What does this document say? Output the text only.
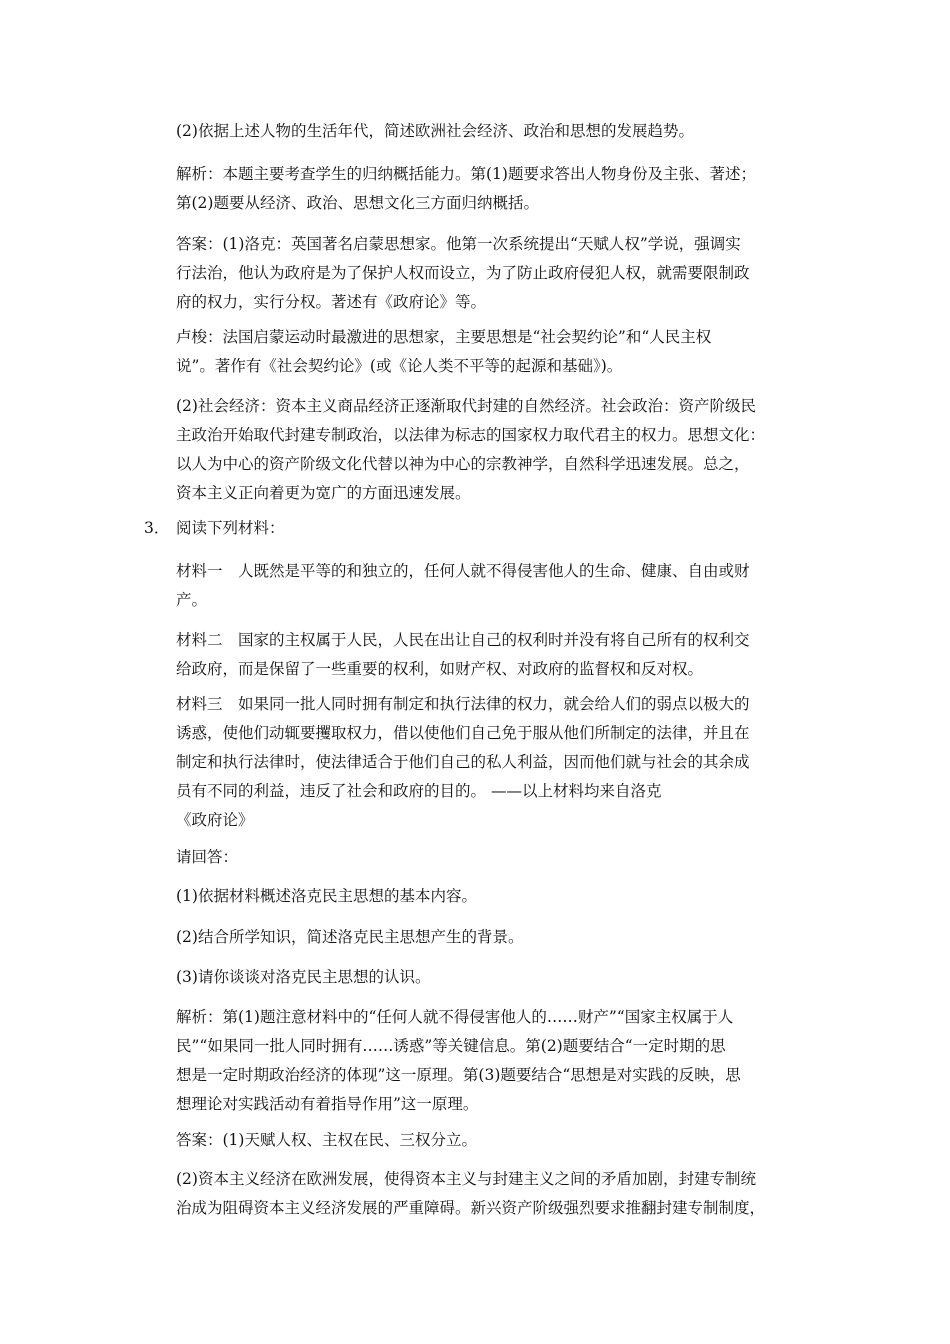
(2)依据上述人物的生活年代，简述欧洲社会经济、政治和思想的发展趋势。

解析：本题主要考查学生的归纳概括能力。第(1)题要求答出人物身份及主张、著述；
第(2)题要从经济、政治、思想文化三方面归纳概括。

答案：(1)洛克：英国著名启蒙思想家。他第一次系统提出“天赋人权”学说，强调实
行法治，他认为政府是为了保护人权而设立，为了防止政府侵犯人权，就需要限制政
府的权力，实行分权。著述有《政府论》等。

卢梭：法国启蒙运动时最激进的思想家，主要思想是“社会契约论”和“人民主权
说”。著作有《社会契约论》(或《论人类不平等的起源和基础》)。

(2)社会经济：资本主义商品经济正逐渐取代封建的自然经济。社会政治：资产阶级民
主政治开始取代封建专制政治，以法律为标志的国家权力取代君主的权力。思想文化：
以人为中心的资产阶级文化代替以神为中心的宗教神学，自然科学迅速发展。总之，
资本主义正向着更为宽广的方面迅速发展。

3． 阅读下列材料：

材料一　人既然是平等的和独立的，任何人就不得侵害他人的生命、健康、自由或财
产。

材料二　国家的主权属于人民，人民在出让自己的权利时并没有将自己所有的权利交
给政府，而是保留了一些重要的权利，如财产权、对政府的监督权和反对权。

材料三　如果同一批人同时拥有制定和执行法律的权力，就会给人们的弱点以极大的
诱惑，使他们动辄要攫取权力，借以使他们自己免于服从他们所制定的法律，并且在
制定和执行法律时，使法律适合于他们自己的私人利益，因而他们就与社会的其余成
员有不同的利益，违反了社会和政府的目的。 ——以上材料均来自洛克
《政府论》

请回答：

(1)依据材料概述洛克民主思想的基本内容。

(2)结合所学知识，简述洛克民主思想产生的背景。

(3)请你谈谈对洛克民主思想的认识。

解析：第(1)题注意材料中的“任何人就不得侵害他人的……财产”“国家主权属于人
民”“如果同一批人同时拥有……诱惑”等关键信息。第(2)题要结合“一定时期的思
想是一定时期政治经济的体现”这一原理。第(3)题要结合“思想是对实践的反映，思
想理论对实践活动有着指导作用”这一原理。

答案：(1)天赋人权、主权在民、三权分立。

(2)资本主义经济在欧洲发展，使得资本主义与封建主义之间的矛盾加剧，封建专制统
治成为阻碍资本主义经济发展的严重障碍。新兴资产阶级强烈要求推翻封建专制制度，
